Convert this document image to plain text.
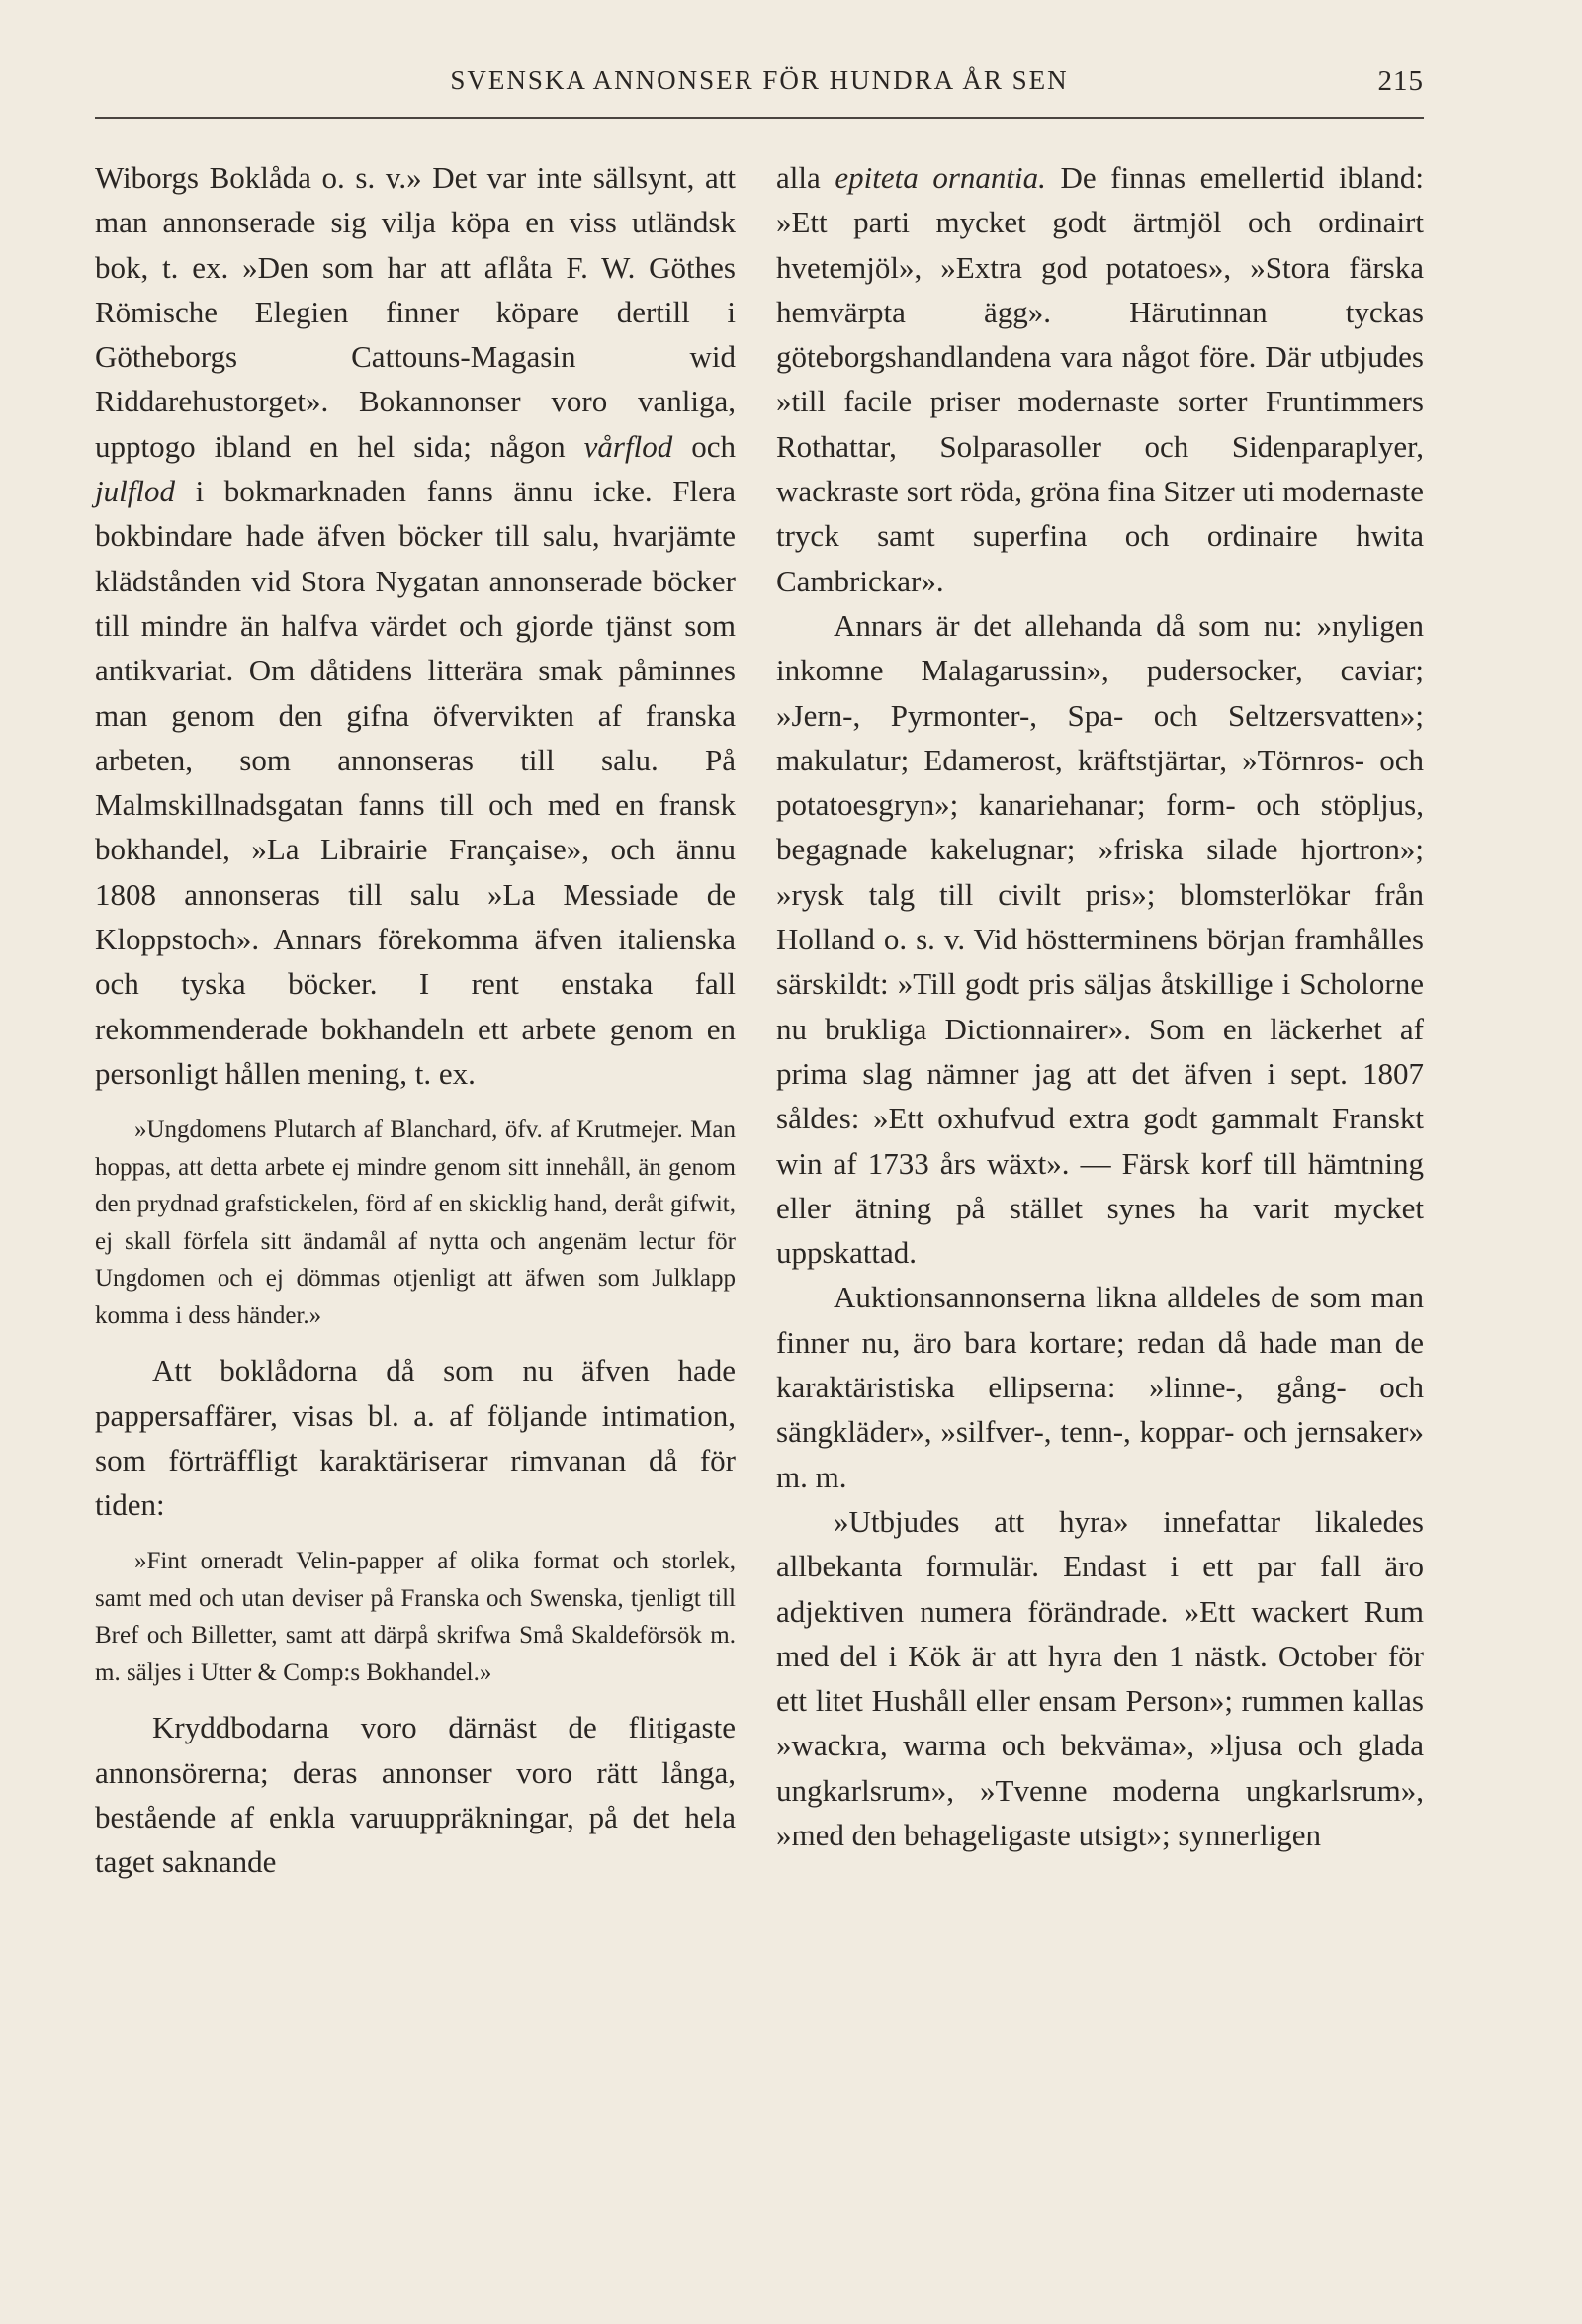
SVENSKA ANNONSER FÖR HUNDRA ÅR SEN	215

Wiborgs Boklåda o. s. v.» Det var inte sällsynt, att man annonserade sig vilja köpa en viss utländsk bok, t. ex. »Den som har att aflåta F. W. Göthes Römische Elegien finner köpare dertill i Götheborgs Cattouns-Magasin wid Riddarehustorget». Bokannonser voro vanliga, upptogo ibland en hel sida; någon vårflod och julflod i bokmarknaden fanns ännu icke. Flera bokbindare hade äfven böcker till salu, hvarjämte klädstånden vid Stora Nygatan annonserade böcker till mindre än halfva värdet och gjorde tjänst som antikvariat. Om dåtidens litterära smak påminnes man genom den gifna öfvervikten af franska arbeten, som annonseras till salu. På Malmskillnadsgatan fanns till och med en fransk bokhandel, »La Librairie Française», och ännu 1808 annonseras till salu »La Messiade de Kloppstoch». Annars förekomma äfven italienska och tyska böcker. I rent enstaka fall rekommenderade bokhandeln ett arbete genom en personligt hållen mening, t. ex.

»Ungdomens Plutarch af Blanchard, öfv. af Krutmejer. Man hoppas, att detta arbete ej mindre genom sitt innehåll, än genom den prydnad grafstickelen, förd af en skicklig hand, deråt gifwit, ej skall förfela sitt ändamål af nytta och angenäm lectur för Ungdomen och ej dömmas otjenligt att äfwen som Julklapp komma i dess händer.»

Att boklådorna då som nu äfven hade pappersaffärer, visas bl. a. af följande intimation, som förträffligt karaktäriserar rimvanan då för tiden:

»Fint orneradt Velin-papper af olika format och storlek, samt med och utan deviser på Franska och Swenska, tjenligt till Bref och Billetter, samt att därpå skrifwa Små Skaldeförsök m. m. säljes i Utter & Comp:s Bokhandel.»

Kryddbodarna voro därnäst de flitigaste annonsörerna; deras annonser voro rätt långa, bestående af enkla varuuppräkningar, på det hela taget saknande

alla epiteta ornantia. De finnas emellertid ibland: »Ett parti mycket godt ärtmjöl och ordinairt hvetemjöl», »Extra god potatoes», »Stora färska hemvärpta ägg». Härutinnan tyckas göteborgshandlandena vara något före. Där utbjudes »till facile priser modernaste sorter Fruntimmers Rothattar, Solparasoller och Sidenparaplyer, wackraste sort röda, gröna fina Sitzer uti modernaste tryck samt superfina och ordinaire hwita Cambrickar».

Annars är det allehanda då som nu: »nyligen inkomne Malagarussin», pudersocker, caviar; »Jern-, Pyrmonter-, Spa- och Seltzersvatten»; makulatur; Edamerost, kräftstjärtar, »Törnros- och potatoesgryn»; kanariehanar; form- och stöpljus, begagnade kakelugnar; »friska silade hjortron»; »rysk talg till civilt pris»; blomsterlökar från Holland o. s. v. Vid höstterminens början framhålles särskildt: »Till godt pris säljas åtskillige i Scholorne nu brukliga Dictionnairer». Som en läckerhet af prima slag nämner jag att det äfven i sept. 1807 såldes: »Ett oxhufvud extra godt gammalt Franskt win af 1733 års wäxt». — Färsk korf till hämtning eller ätning på stället synes ha varit mycket uppskattad.

Auktionsannonserna likna alldeles de som man finner nu, äro bara kortare; redan då hade man de karaktäristiska ellipserna: »linne-, gång- och sängkläder», »silfver-, tenn-, koppar- och jernsaker» m. m.

»Utbjudes att hyra» innefattar likaledes allbekanta formulär. Endast i ett par fall äro adjektiven numera förändrade. »Ett wackert Rum med del i Kök är att hyra den 1 nästk. October för ett litet Hushåll eller ensam Person»; rummen kallas »wackra, warma och bekväma», »ljusa och glada ungkarlsrum», »Tvenne moderna ungkarlsrum», »med den behageligaste utsigt»; synnerligen
